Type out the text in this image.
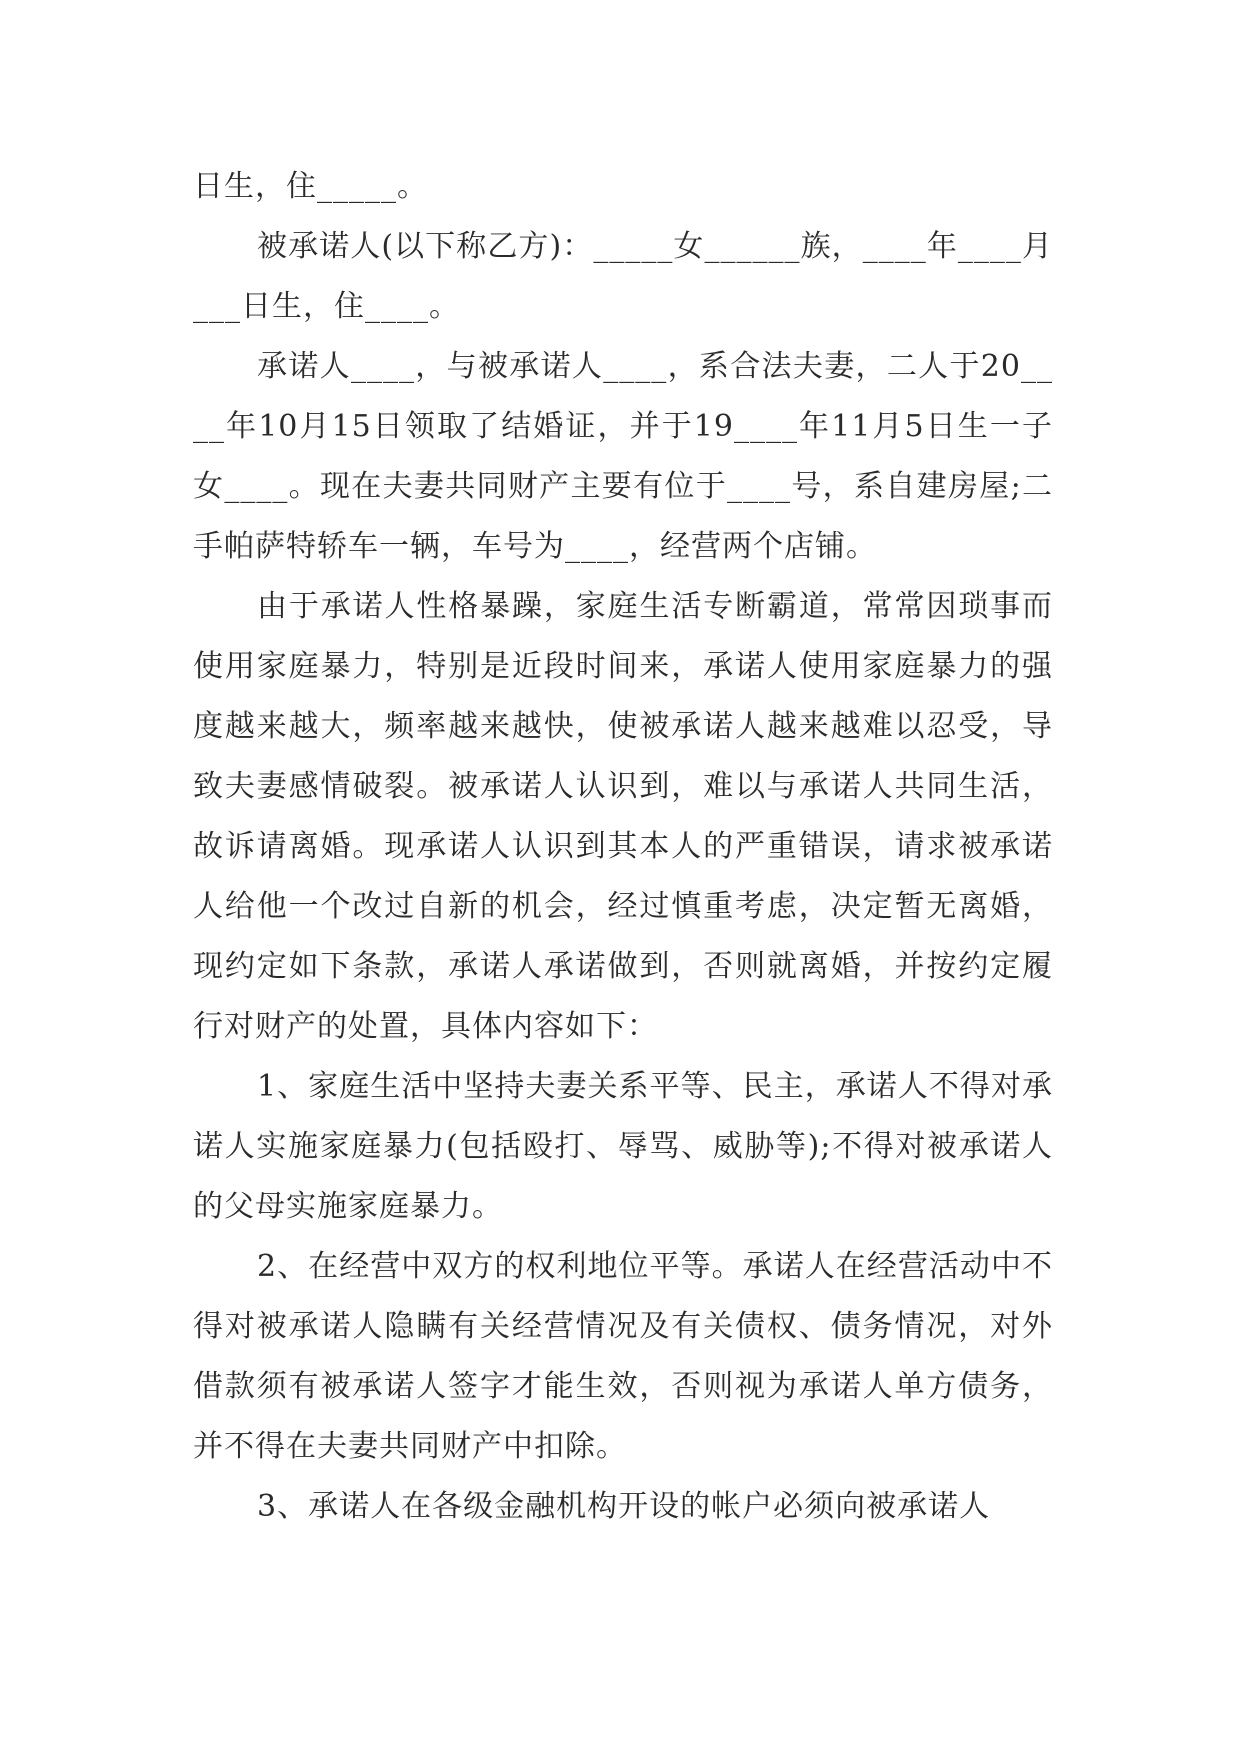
日生，住_____。

被承诺人(以下称乙方)：_____女______族，____年____月___日生，住____。

承诺人____，与被承诺人____，系合法夫妻，二人于20____年10月15日领取了结婚证，并于19____年11月5日生一子女____。现在夫妻共同财产主要有位于____号，系自建房屋;二手帕萨特轿车一辆，车号为____，经营两个店铺。

由于承诺人性格暴躁，家庭生活专断霸道，常常因琐事而使用家庭暴力，特别是近段时间来，承诺人使用家庭暴力的强度越来越大，频率越来越快，使被承诺人越来越难以忍受，导致夫妻感情破裂。被承诺人认识到，难以与承诺人共同生活，故诉请离婚。现承诺人认识到其本人的严重错误，请求被承诺人给他一个改过自新的机会，经过慎重考虑，决定暂无离婚，现约定如下条款，承诺人承诺做到，否则就离婚，并按约定履行对财产的处置，具体内容如下：

1、家庭生活中坚持夫妻关系平等、民主，承诺人不得对承诺人实施家庭暴力(包括殴打、辱骂、威胁等);不得对被承诺人的父母实施家庭暴力。

2、在经营中双方的权利地位平等。承诺人在经营活动中不得对被承诺人隐瞒有关经营情况及有关债权、债务情况，对外借款须有被承诺人签字才能生效，否则视为承诺人单方债务，并不得在夫妻共同财产中扣除。

3、承诺人在各级金融机构开设的帐户必须向被承诺人
